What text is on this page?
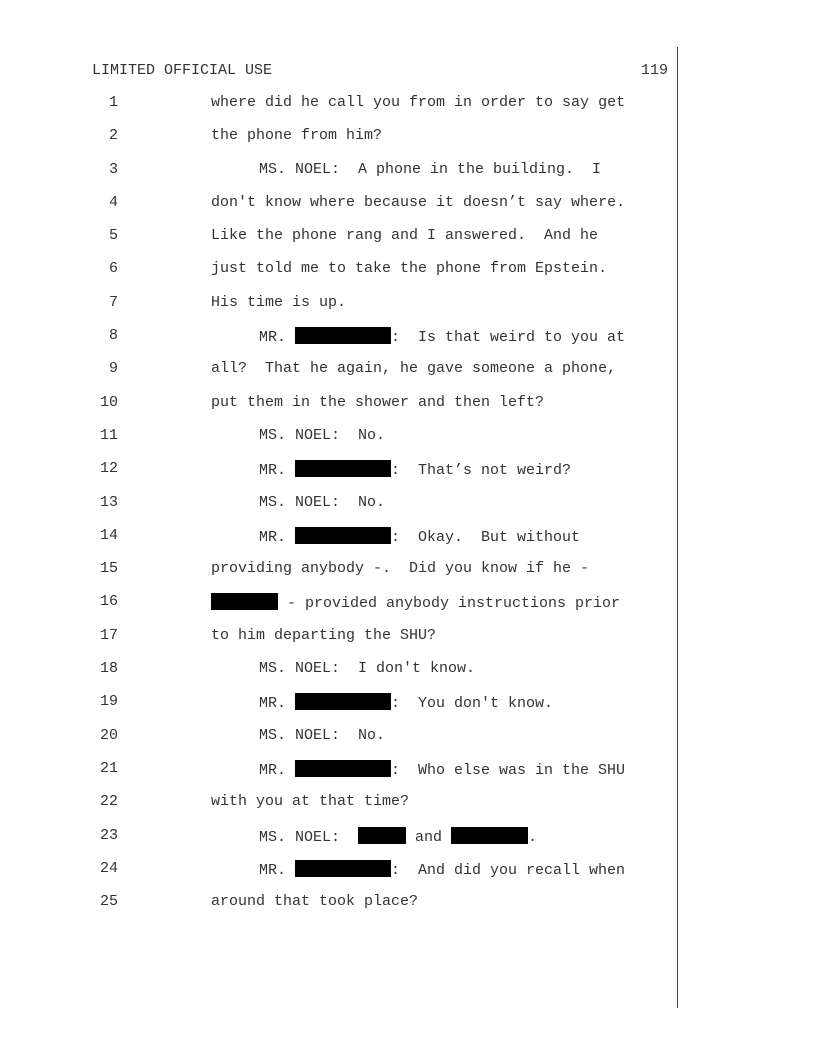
LIMITED OFFICIAL USE	119
1	where did he call you from in order to say get
2	the phone from him?
3	MS. NOEL:  A phone in the building.  I
4	don't know where because it doesn’t say where.
5	Like the phone rang and I answered.  And he
6	just told me to take the phone from Epstein.
7	His time is up.
8	MR.	:  Is that weird to you at
9	all?  That he again, he gave someone a phone,
10	put them in the shower and then left?
11	MS. NOEL:  No.
12	MR.	:  That’s not weird?
13	MS. NOEL:  No.
14	MR.	:  Okay.  But without
15	providing anybody -.  Did you know if he -
16	- provided anybody instructions prior
17	to him departing the SHU?
18	MS. NOEL:  I don't know.
19	MR.	:  You don't know.
20	MS. NOEL:  No.
21	MR.	:  Who else was in the SHU
22	with you at that time?
23	MS. NOEL:	and	.
24	MR.	:  And did you recall when
25	around that took place?
